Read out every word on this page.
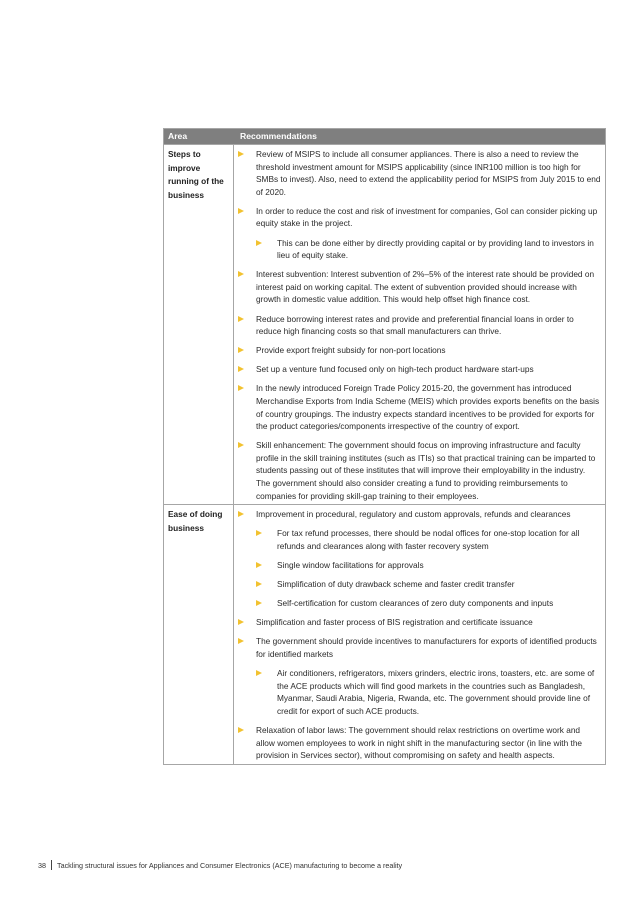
Area	Recommendations
Steps to improve running of the business
Review of MSIPS to include all consumer appliances. There is also a need to review the threshold investment amount for MSIPS applicability (since INR100 million is too high for SMBs to invest). Also, need to extend the applicability period for MSIPS from July 2015 to end of 2020.
In order to reduce the cost and risk of investment for companies, GoI can consider picking up equity stake in the project.
This can be done either by directly providing capital or by providing land to investors in lieu of equity stake.
Interest subvention: Interest subvention of 2%–5% of the interest rate should be provided on interest paid on working capital. The extent of subvention provided should increase with growth in domestic value addition. This would help offset high finance cost.
Reduce borrowing interest rates and provide and preferential financial loans in order to reduce high financing costs so that small manufacturers can thrive.
Provide export freight subsidy for non-port locations
Set up a venture fund focused only on high-tech product hardware start-ups
In the newly introduced Foreign Trade Policy 2015-20, the government has introduced Merchandise Exports from India Scheme (MEIS) which provides exports benefits on the basis of country groupings. The industry expects standard incentives to be provided for exports for the product categories/components irrespective of the country of export.
Skill enhancement: The government should focus on improving infrastructure and faculty profile in the skill training institutes (such as ITIs) so that practical training can be imparted to students passing out of these institutes that will improve their employability in the industry. The government should also consider creating a fund to providing reimbursements to companies for providing skill-gap training to their employees.
Ease of doing business
Improvement in procedural, regulatory and custom approvals, refunds and clearances
For tax refund processes, there should be nodal offices for one-stop location for all refunds and clearances along with faster recovery system
Single window facilitations for approvals
Simplification of duty drawback scheme and faster credit transfer
Self-certification for custom clearances of zero duty components and inputs
Simplification and faster process of BIS registration and certificate issuance
The government should provide incentives to manufacturers for exports of identified products for identified markets
Air conditioners, refrigerators, mixers grinders, electric irons, toasters, etc. are some of the ACE products which will find good markets in the countries such as Bangladesh, Myanmar, Saudi Arabia, Nigeria, Rwanda, etc. The government should provide line of credit for export of such ACE products.
Relaxation of labor laws: The government should relax restrictions on overtime work and allow women employees to work in night shift in the manufacturing sector (in line with the provision in Services sector), without compromising on safety and health aspects.
38 Tackling structural issues for Appliances and Consumer Electronics (ACE) manufacturing to become a reality
